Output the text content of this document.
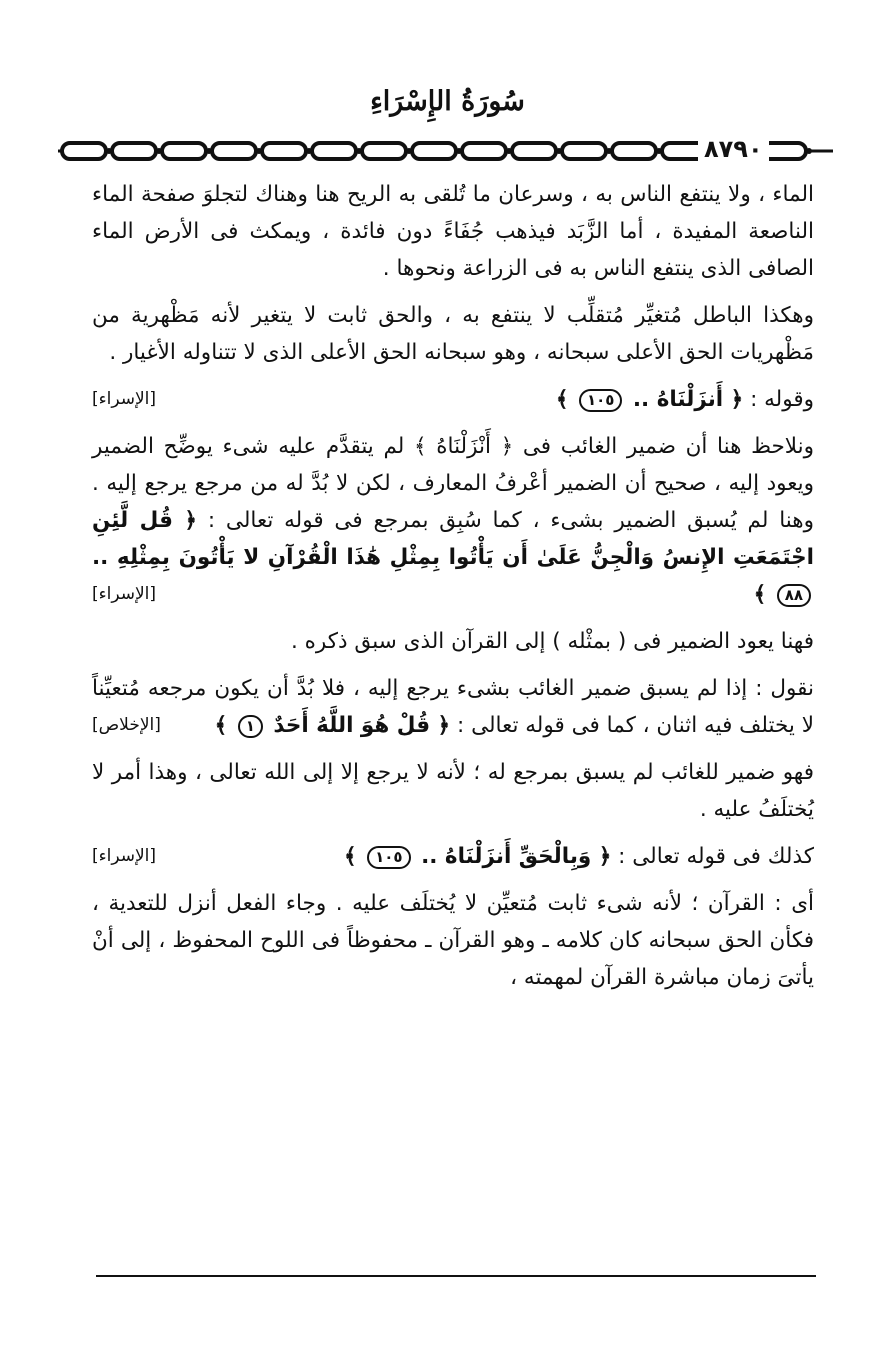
سُورَةُ الإِسْرَاءِ
٨٧٩٠

الماء ، ولا ينتفع الناس به ، وسرعان ما تُلقى به الريح هنا وهناك لتجلوَ صفحة الماء الناصعة المفيدة ، أما الزَّبَد فيذهب جُفَاءً دون فائدة ، ويمكث فى الأرض الماء الصافى الذى ينتفع الناس به فى الزراعة ونحوها .

وهكذا الباطل مُتغيِّر مُتقلِّب لا ينتفع به ، والحق ثابت لا يتغير لأنه مَظْهرية من مَظْهريات الحق الأعلى سبحانه ، وهو سبحانه الحق الأعلى الذى لا تتناوله الأغيار .

وقوله : ﴿ أَنزَلْنَاهُ .. ١٠٥ ﴾
[الإسراء]

ونلاحظ هنا أن ضمير الغائب فى ﴿ أَنْزَلْنَاهُ ﴾ لم يتقدَّم عليه شىء يوضِّح الضمير ويعود إليه ، صحيح أن الضمير أعْرفُ المعارف ، لكن لا بُدَّ له من مرجع يرجع إليه . وهنا لم يُسبق الضمير بشىء ، كما سُبِق بمرجع فى قوله تعالى : ﴿ قُل لَّئِنِ اجْتَمَعَتِ الإِنسُ وَالْجِنُّ عَلَىٰ أَن يَأْتُوا بِمِثْلِ هَٰذَا الْقُرْآنِ لا يَأْتُونَ بِمِثْلِهِ .. ٨٨ ﴾
[الإسراء]

فهنا يعود الضمير فى ( بمثْله ) إلى القرآن الذى سبق ذكره .

نقول : إذا لم يسبق ضمير الغائب بشىء يرجع إليه ، فلا بُدَّ أن يكون مرجعه مُتعيِّناً لا يختلف فيه اثنان ، كما فى قوله تعالى : ﴿ قُلْ هُوَ اللَّهُ أَحَدٌ ١ ﴾
[الإخلاص]

فهو ضمير للغائب لم يسبق بمرجع له ؛ لأنه لا يرجع إلا إلى الله تعالى ، وهذا أمر لا يُختلَفُ عليه .

كذلك فى قوله تعالى : ﴿ وَبِالْحَقِّ أَنزَلْنَاهُ .. ١٠٥ ﴾
[الإسراء]

أى : القرآن ؛ لأنه شىء ثابت مُتعيِّن لا يُختلَف عليه . وجاء الفعل أنزل للتعدية ، فكأن الحق سبحانه كان كلامه ـ وهو القرآن ـ محفوظاً فى اللوح المحفوظ ، إلى أنْ يأتىَ زمان مباشرة القرآن لمهمته ،
